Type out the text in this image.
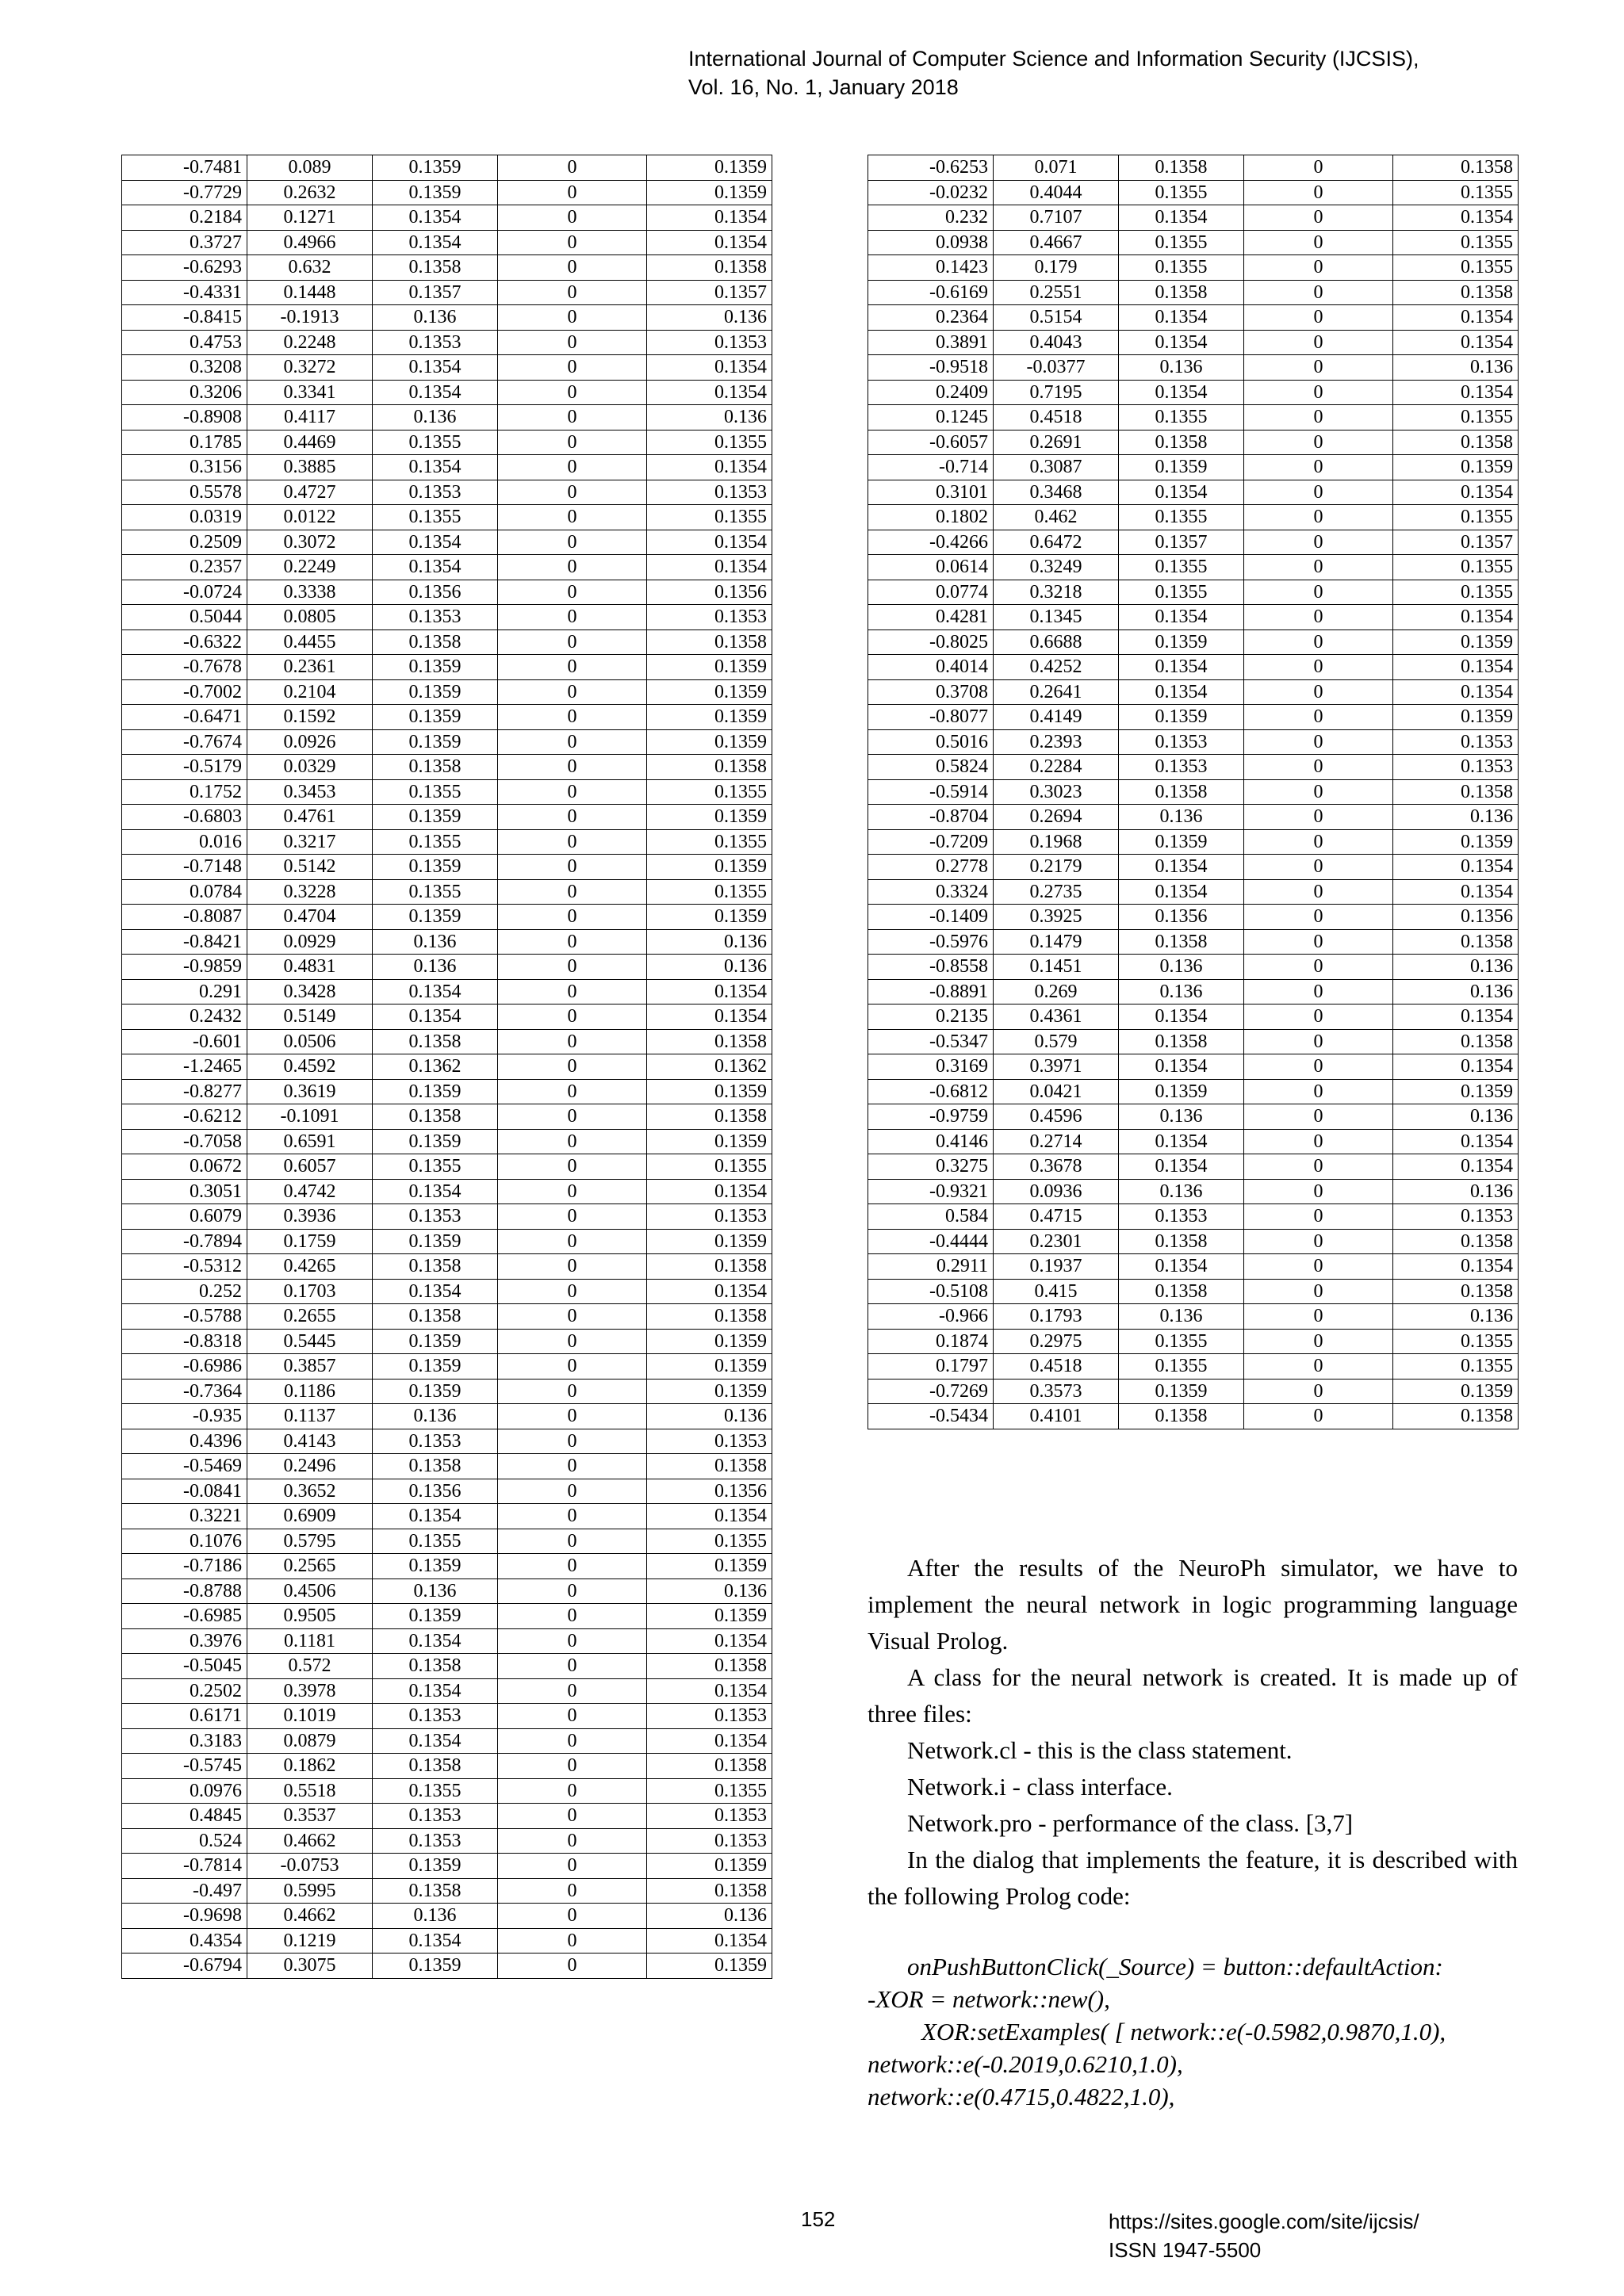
International Journal of Computer Science and Information Security (IJCSIS),
Vol. 16, No. 1, January 2018
-0.7481	0.089	0.1359	0	0.1359
-0.7729	0.2632	0.1359	0	0.1359
0.2184	0.1271	0.1354	0	0.1354
0.3727	0.4966	0.1354	0	0.1354
-0.6293	0.632	0.1358	0	0.1358
-0.4331	0.1448	0.1357	0	0.1357
-0.8415	-0.1913	0.136	0	0.136
0.4753	0.2248	0.1353	0	0.1353
0.3208	0.3272	0.1354	0	0.1354
0.3206	0.3341	0.1354	0	0.1354
-0.8908	0.4117	0.136	0	0.136
0.1785	0.4469	0.1355	0	0.1355
0.3156	0.3885	0.1354	0	0.1354
0.5578	0.4727	0.1353	0	0.1353
0.0319	0.0122	0.1355	0	0.1355
0.2509	0.3072	0.1354	0	0.1354
0.2357	0.2249	0.1354	0	0.1354
-0.0724	0.3338	0.1356	0	0.1356
0.5044	0.0805	0.1353	0	0.1353
-0.6322	0.4455	0.1358	0	0.1358
-0.7678	0.2361	0.1359	0	0.1359
-0.7002	0.2104	0.1359	0	0.1359
-0.6471	0.1592	0.1359	0	0.1359
-0.7674	0.0926	0.1359	0	0.1359
-0.5179	0.0329	0.1358	0	0.1358
0.1752	0.3453	0.1355	0	0.1355
-0.6803	0.4761	0.1359	0	0.1359
0.016	0.3217	0.1355	0	0.1355
-0.7148	0.5142	0.1359	0	0.1359
0.0784	0.3228	0.1355	0	0.1355
-0.8087	0.4704	0.1359	0	0.1359
-0.8421	0.0929	0.136	0	0.136
-0.9859	0.4831	0.136	0	0.136
0.291	0.3428	0.1354	0	0.1354
0.2432	0.5149	0.1354	0	0.1354
-0.601	0.0506	0.1358	0	0.1358
-1.2465	0.4592	0.1362	0	0.1362
-0.8277	0.3619	0.1359	0	0.1359
-0.6212	-0.1091	0.1358	0	0.1358
-0.7058	0.6591	0.1359	0	0.1359
0.0672	0.6057	0.1355	0	0.1355
0.3051	0.4742	0.1354	0	0.1354
0.6079	0.3936	0.1353	0	0.1353
-0.7894	0.1759	0.1359	0	0.1359
-0.5312	0.4265	0.1358	0	0.1358
0.252	0.1703	0.1354	0	0.1354
-0.5788	0.2655	0.1358	0	0.1358
-0.8318	0.5445	0.1359	0	0.1359
-0.6986	0.3857	0.1359	0	0.1359
-0.7364	0.1186	0.1359	0	0.1359
-0.935	0.1137	0.136	0	0.136
0.4396	0.4143	0.1353	0	0.1353
-0.5469	0.2496	0.1358	0	0.1358
-0.0841	0.3652	0.1356	0	0.1356
0.3221	0.6909	0.1354	0	0.1354
0.1076	0.5795	0.1355	0	0.1355
-0.7186	0.2565	0.1359	0	0.1359
-0.8788	0.4506	0.136	0	0.136
-0.6985	0.9505	0.1359	0	0.1359
0.3976	0.1181	0.1354	0	0.1354
-0.5045	0.572	0.1358	0	0.1358
0.2502	0.3978	0.1354	0	0.1354
0.6171	0.1019	0.1353	0	0.1353
0.3183	0.0879	0.1354	0	0.1354
-0.5745	0.1862	0.1358	0	0.1358
0.0976	0.5518	0.1355	0	0.1355
0.4845	0.3537	0.1353	0	0.1353
0.524	0.4662	0.1353	0	0.1353
-0.7814	-0.0753	0.1359	0	0.1359
-0.497	0.5995	0.1358	0	0.1358
-0.9698	0.4662	0.136	0	0.136
0.4354	0.1219	0.1354	0	0.1354
-0.6794	0.3075	0.1359	0	0.1359
-0.6253	0.071	0.1358	0	0.1358
-0.0232	0.4044	0.1355	0	0.1355
0.232	0.7107	0.1354	0	0.1354
0.0938	0.4667	0.1355	0	0.1355
0.1423	0.179	0.1355	0	0.1355
-0.6169	0.2551	0.1358	0	0.1358
0.2364	0.5154	0.1354	0	0.1354
0.3891	0.4043	0.1354	0	0.1354
-0.9518	-0.0377	0.136	0	0.136
0.2409	0.7195	0.1354	0	0.1354
0.1245	0.4518	0.1355	0	0.1355
-0.6057	0.2691	0.1358	0	0.1358
-0.714	0.3087	0.1359	0	0.1359
0.3101	0.3468	0.1354	0	0.1354
0.1802	0.462	0.1355	0	0.1355
-0.4266	0.6472	0.1357	0	0.1357
0.0614	0.3249	0.1355	0	0.1355
0.0774	0.3218	0.1355	0	0.1355
0.4281	0.1345	0.1354	0	0.1354
-0.8025	0.6688	0.1359	0	0.1359
0.4014	0.4252	0.1354	0	0.1354
0.3708	0.2641	0.1354	0	0.1354
-0.8077	0.4149	0.1359	0	0.1359
0.5016	0.2393	0.1353	0	0.1353
0.5824	0.2284	0.1353	0	0.1353
-0.5914	0.3023	0.1358	0	0.1358
-0.8704	0.2694	0.136	0	0.136
-0.7209	0.1968	0.1359	0	0.1359
0.2778	0.2179	0.1354	0	0.1354
0.3324	0.2735	0.1354	0	0.1354
-0.1409	0.3925	0.1356	0	0.1356
-0.5976	0.1479	0.1358	0	0.1358
-0.8558	0.1451	0.136	0	0.136
-0.8891	0.269	0.136	0	0.136
0.2135	0.4361	0.1354	0	0.1354
-0.5347	0.579	0.1358	0	0.1358
0.3169	0.3971	0.1354	0	0.1354
-0.6812	0.0421	0.1359	0	0.1359
-0.9759	0.4596	0.136	0	0.136
0.4146	0.2714	0.1354	0	0.1354
0.3275	0.3678	0.1354	0	0.1354
-0.9321	0.0936	0.136	0	0.136
0.584	0.4715	0.1353	0	0.1353
-0.4444	0.2301	0.1358	0	0.1358
0.2911	0.1937	0.1354	0	0.1354
-0.5108	0.415	0.1358	0	0.1358
-0.966	0.1793	0.136	0	0.136
0.1874	0.2975	0.1355	0	0.1355
0.1797	0.4518	0.1355	0	0.1355
-0.7269	0.3573	0.1359	0	0.1359
-0.5434	0.4101	0.1358	0	0.1358

After the results of the NeuroPh simulator, we have to implement the neural network in logic programming language Visual Prolog.

A class for the neural network is created. It is made up of three files:

Network.cl - this is the class statement.

Network.i - class interface.

Network.pro - performance of the class. [3,7]

In the dialog that implements the feature, it is described with the following Prolog code:

onPushButtonClick(_Source) = button::defaultAction:
-XOR = network::new(),
XOR:setExamples( [ network::e(-0.5982,0.9870,1.0),
network::e(-0.2019,0.6210,1.0),
network::e(0.4715,0.4822,1.0),
152	https://sites.google.com/site/ijcsis/
ISSN 1947-5500
